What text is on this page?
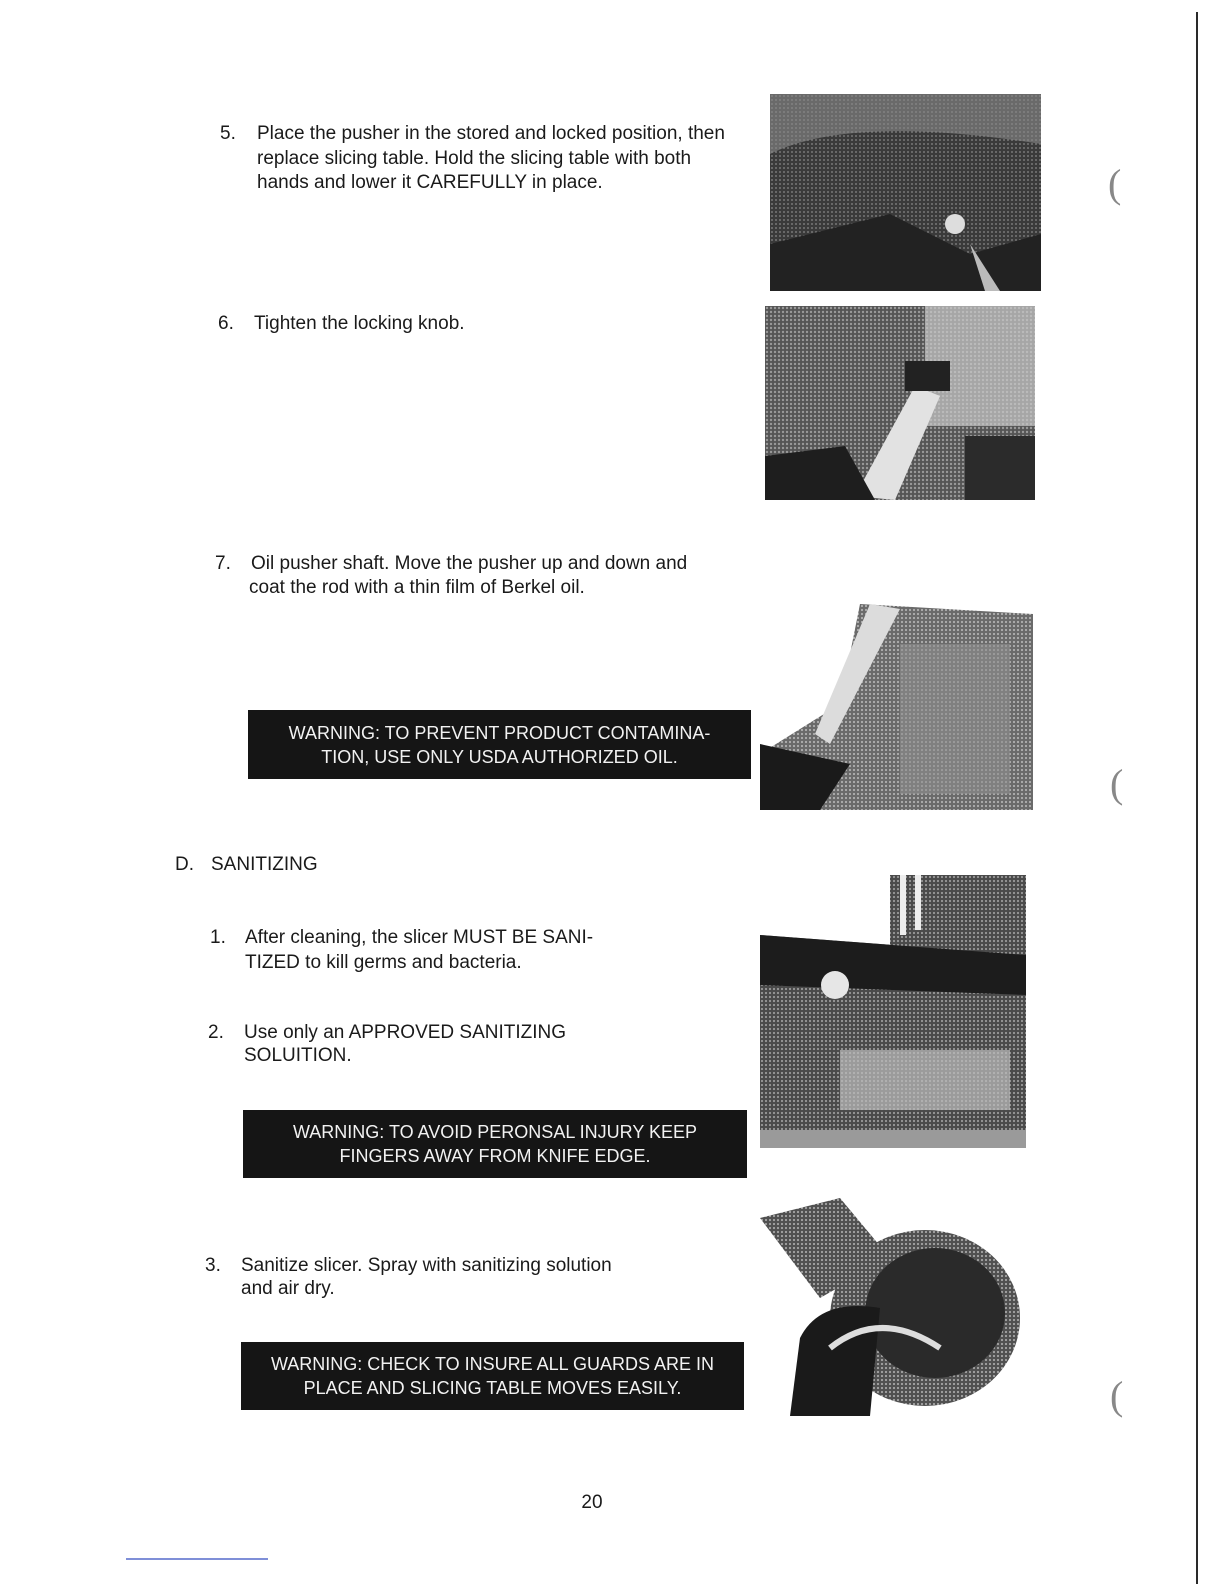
5. Place the pusher in the stored and locked position, then
replace slicing table. Hold the slicing table with both
hands and lower it CAREFULLY in place.
6. Tighten the locking knob.
7. Oil pusher shaft. Move the pusher up and down and
coat the rod with a thin film of Berkel oil.
WARNING: TO PREVENT PRODUCT CONTAMINA-
TION, USE ONLY USDA AUTHORIZED OIL.
D. SANITIZING
1. After cleaning, the slicer MUST BE SANI-
TIZED to kill germs and bacteria.
2. Use only an APPROVED SANITIZING
SOLUITION.
WARNING: TO AVOID PERONSAL INJURY KEEP
FINGERS AWAY FROM KNIFE EDGE.
3. Sanitize slicer. Spray with sanitizing solution
and air dry.
WARNING: CHECK TO INSURE ALL GUARDS ARE IN
PLACE AND SLICING TABLE MOVES EASILY.
(
(
(
20
